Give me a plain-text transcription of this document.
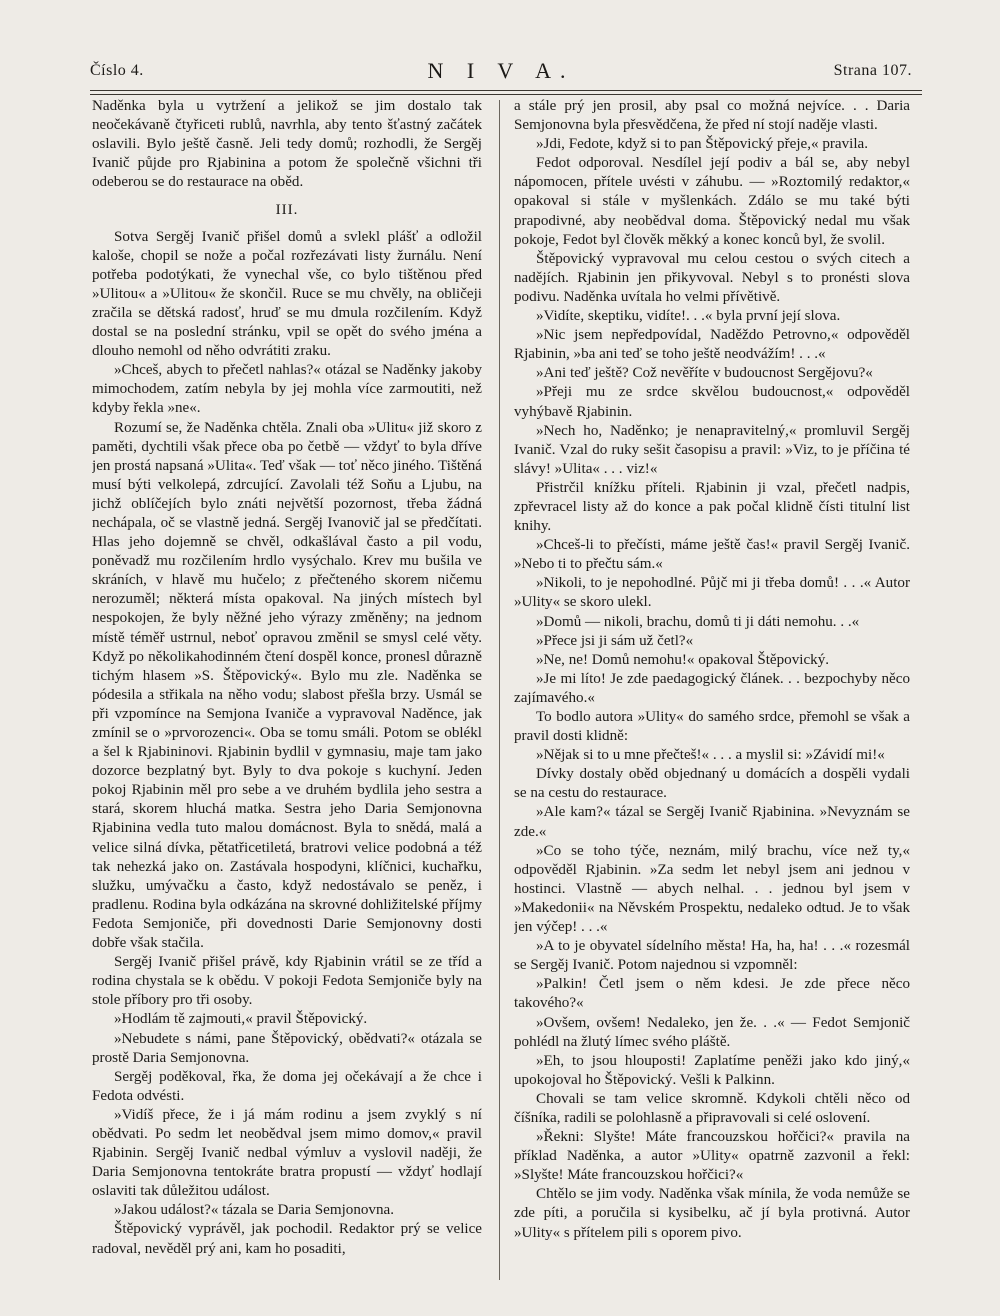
Číslo 4.	N I V A.	Strana 107.

Naděnka byla u vytržení a jelikož se jim dostalo tak neočekávaně čtyřiceti rublů, navrhla, aby tento šťastný začátek oslavili. Bylo ještě časně. Jeli tedy domů; rozhodli, že Sergěj Ivanič půjde pro Rjabinina a potom že společně všichni tři odeberou se do restaurace na oběd.

III.

Sotva Sergěj Ivanič přišel domů a svlekl plášť a odložil kaloše, chopil se nože a počal rozřezávati listy žurnálu. Není potřeba podotýkati, že vynechal vše, co bylo tištěnou před »Ulitou« a »Ulitou« že skončil. Ruce se mu chvěly, na obličeji zračila se dětská radosť, hruď se mu dmula rozčilením. Když dostal se na poslední stránku, vpil se opět do svého jména a dlouho nemohl od něho odvrátiti zraku.

»Chceš, abych to přečetl nahlas?« otázal se Naděnky jakoby mimochodem, zatím nebyla by jej mohla více zarmoutiti, než kdyby řekla »ne«.

Rozumí se, že Naděnka chtěla. Znali oba »Ulitu« již skoro z paměti, dychtili však přece oba po četbě — vždyť to byla dříve jen prostá napsaná »Ulita«. Teď však — toť něco jiného. Tištěná musí býti velkolepá, zdrcující. Zavolali též Soňu a Ljubu, na jichž oblíčejích bylo znáti největší pozornost, třeba žádná nechápala, oč se vlastně jedná. Sergěj Ivanovič jal se předčítati. Hlas jeho dojemně se chvěl, odkašlával často a pil vodu, poněvadž mu rozčilením hrdlo vysýchalo. Krev mu bušila ve skráních, v hlavě mu hučelo; z přečteného skorem ničemu nerozuměl; některá místa opakoval. Na jiných místech byl nespokojen, že byly něžné jeho výrazy změněny; na jednom místě téměř ustrnul, neboť opravou změnil se smysl celé věty. Když po několikahodinném čtení dospěl konce, pronesl důrazně tichým hlasem »S. Štěpovický«. Bylo mu zle. Naděnka se pódesila a střikala na něho vodu; slabost přešla brzy. Usmál se při vzpomínce na Semjona Ivaniče a vypravoval Naděnce, jak zmínil se o »prvorozenci«. Oba se tomu smáli. Potom se oblékl a šel k Rjabininovi. Rjabinin bydlil v gymnasiu, maje tam jako dozorce bezplatný byt. Byly to dva pokoje s kuchyní. Jeden pokoj Rjabinin měl pro sebe a ve druhém bydlila jeho sestra a stará, skorem hluchá matka. Sestra jeho Daria Semjonovna Rjabinina vedla tuto malou domácnost. Byla to snědá, malá a velice silná dívka, pětatřicetiletá, bratrovi velice podobná a též tak nehezká jako on. Zastávala hospodyni, klíčnici, kuchařku, služku, umývačku a často, když nedostávalo se peněz, i pradlenu. Rodina byla odkázána na skrovné dohližitelské příjmy Fedota Semjoniče, při dovednosti Darie Semjonovny dosti dobře však stačila.

Sergěj Ivanič přišel právě, kdy Rjabinin vrátil se ze tříd a rodina chystala se k obědu. V pokoji Fedota Semjoniče byly na stole příbory pro tři osoby.

»Hodlám tě zajmouti,« pravil Štěpovický.

»Nebudete s námi, pane Štěpovický, obědvati?« otázala se prostě Daria Semjonovna.

Sergěj poděkoval, řka, že doma jej očekávají a že chce i Fedota odvésti.

»Vidíš přece, že i já mám rodinu a jsem zvyklý s ní obědvati. Po sedm let neobědval jsem mimo domov,« pravil Rjabinin. Sergěj Ivanič nedbal výmluv a vyslovil naději, že Daria Semjonovna tentokráte bratra propustí — vždyť hodlají oslaviti tak důležitou událost.

»Jakou událost?« tázala se Daria Semjonovna.

Štěpovický vyprávěl, jak pochodil. Redaktor prý se velice radoval, nevěděl prý ani, kam ho posaditi,

a stále prý jen prosil, aby psal co možná nejvíce. . . Daria Semjonovna byla přesvědčena, že před ní stojí naděje vlasti.

»Jdi, Fedote, když si to pan Štěpovický přeje,« pravila.

Fedot odporoval. Nesdílel její podiv a bál se, aby nebyl nápomocen, přítele uvésti v záhubu. — »Roztomilý redaktor,« opakoval si stále v myšlenkách. Zdálo se mu také býti prapodivné, aby neobědval doma. Štěpovický nedal mu však pokoje, Fedot byl člověk měkký a konec konců byl, že svolil.

Štěpovický vypravoval mu celou cestou o svých citech a nadějích. Rjabinin jen přikyvoval. Nebyl s to pronésti slova podivu. Naděnka uvítala ho velmi přívětivě.

»Vidíte, skeptiku, vidíte!. . .« byla první její slova.

»Nic jsem nepředpovídal, Naděždo Petrovno,« odpověděl Rjabinin, »ba ani teď se toho ještě neodvážím! . . .«

»Ani teď ještě? Což nevěříte v budoucnost Sergějovu?«

»Přeji mu ze srdce skvělou budoucnost,« odpověděl vyhýbavě Rjabinin.

»Nech ho, Naděnko; je nenapravitelný,« promluvil Sergěj Ivanič. Vzal do ruky sešit časopisu a pravil: »Viz, to je příčina té slávy! »Ulita« . . . viz!«

Přistrčil knížku příteli. Rjabinin ji vzal, přečetl nadpis, zpřevracel listy až do konce a pak počal klidně čísti titulní list knihy.

»Chceš-li to přečísti, máme ještě čas!« pravil Sergěj Ivanič. »Nebo ti to přečtu sám.«

»Nikoli, to je nepohodlné. Půjč mi ji třeba domů! . . .« Autor »Ulity« se skoro ulekl.

»Domů — nikoli, brachu, domů ti ji dáti nemohu. . .«

»Přece jsi ji sám už četl?«

»Ne, ne! Domů nemohu!« opakoval Štěpovický.

»Je mi líto! Je zde paedagogický článek. . . bezpochyby něco zajímavého.«

To bodlo autora »Ulity« do samého srdce, přemohl se však a pravil dosti klidně:

»Nějak si to u mne přečteš!« . . . a myslil si: »Závidí mi!«

Dívky dostaly oběd objednaný u domácích a dospěli vydali se na cestu do restaurace.

»Ale kam?« tázal se Sergěj Ivanič Rjabinina. »Nevyznám se zde.«

»Co se toho týče, neznám, milý brachu, více než ty,« odpověděl Rjabinin. »Za sedm let nebyl jsem ani jednou v hostinci. Vlastně — abych nelhal. . . jednou byl jsem v »Makedonii« na Něvském Prospektu, nedaleko odtud. Je to však jen výčep! . . .«

»A to je obyvatel sídelního města! Ha, ha, ha! . . .« rozesmál se Sergěj Ivanič. Potom najednou si vzpomněl:

»Palkin! Četl jsem o něm kdesi. Je zde přece něco takového?«

»Ovšem, ovšem! Nedaleko, jen že. . .« — Fedot Semjonič pohlédl na žlutý límec svého pláště.

»Eh, to jsou hlouposti! Zaplatíme peněži jako kdo jiný,« upokojoval ho Štěpovický. Vešli k Palkinn.

Chovali se tam velice skromně. Kdykoli chtěli něco od číšníka, radili se polohlasně a připravovali si celé oslovení.

»Řekni: Slyšte! Máte francouzskou hořčici?« pravila na příklad Naděnka, a autor »Ulity« opatrně zazvonil a řekl: »Slyšte! Máte francouzskou hořčici?«

Chtělo se jim vody. Naděnka však mínila, že voda nemůže se zde píti, a poručila si kysibelku, ač jí byla protivná. Autor »Ulity« s přítelem pili s oporem pivo.
